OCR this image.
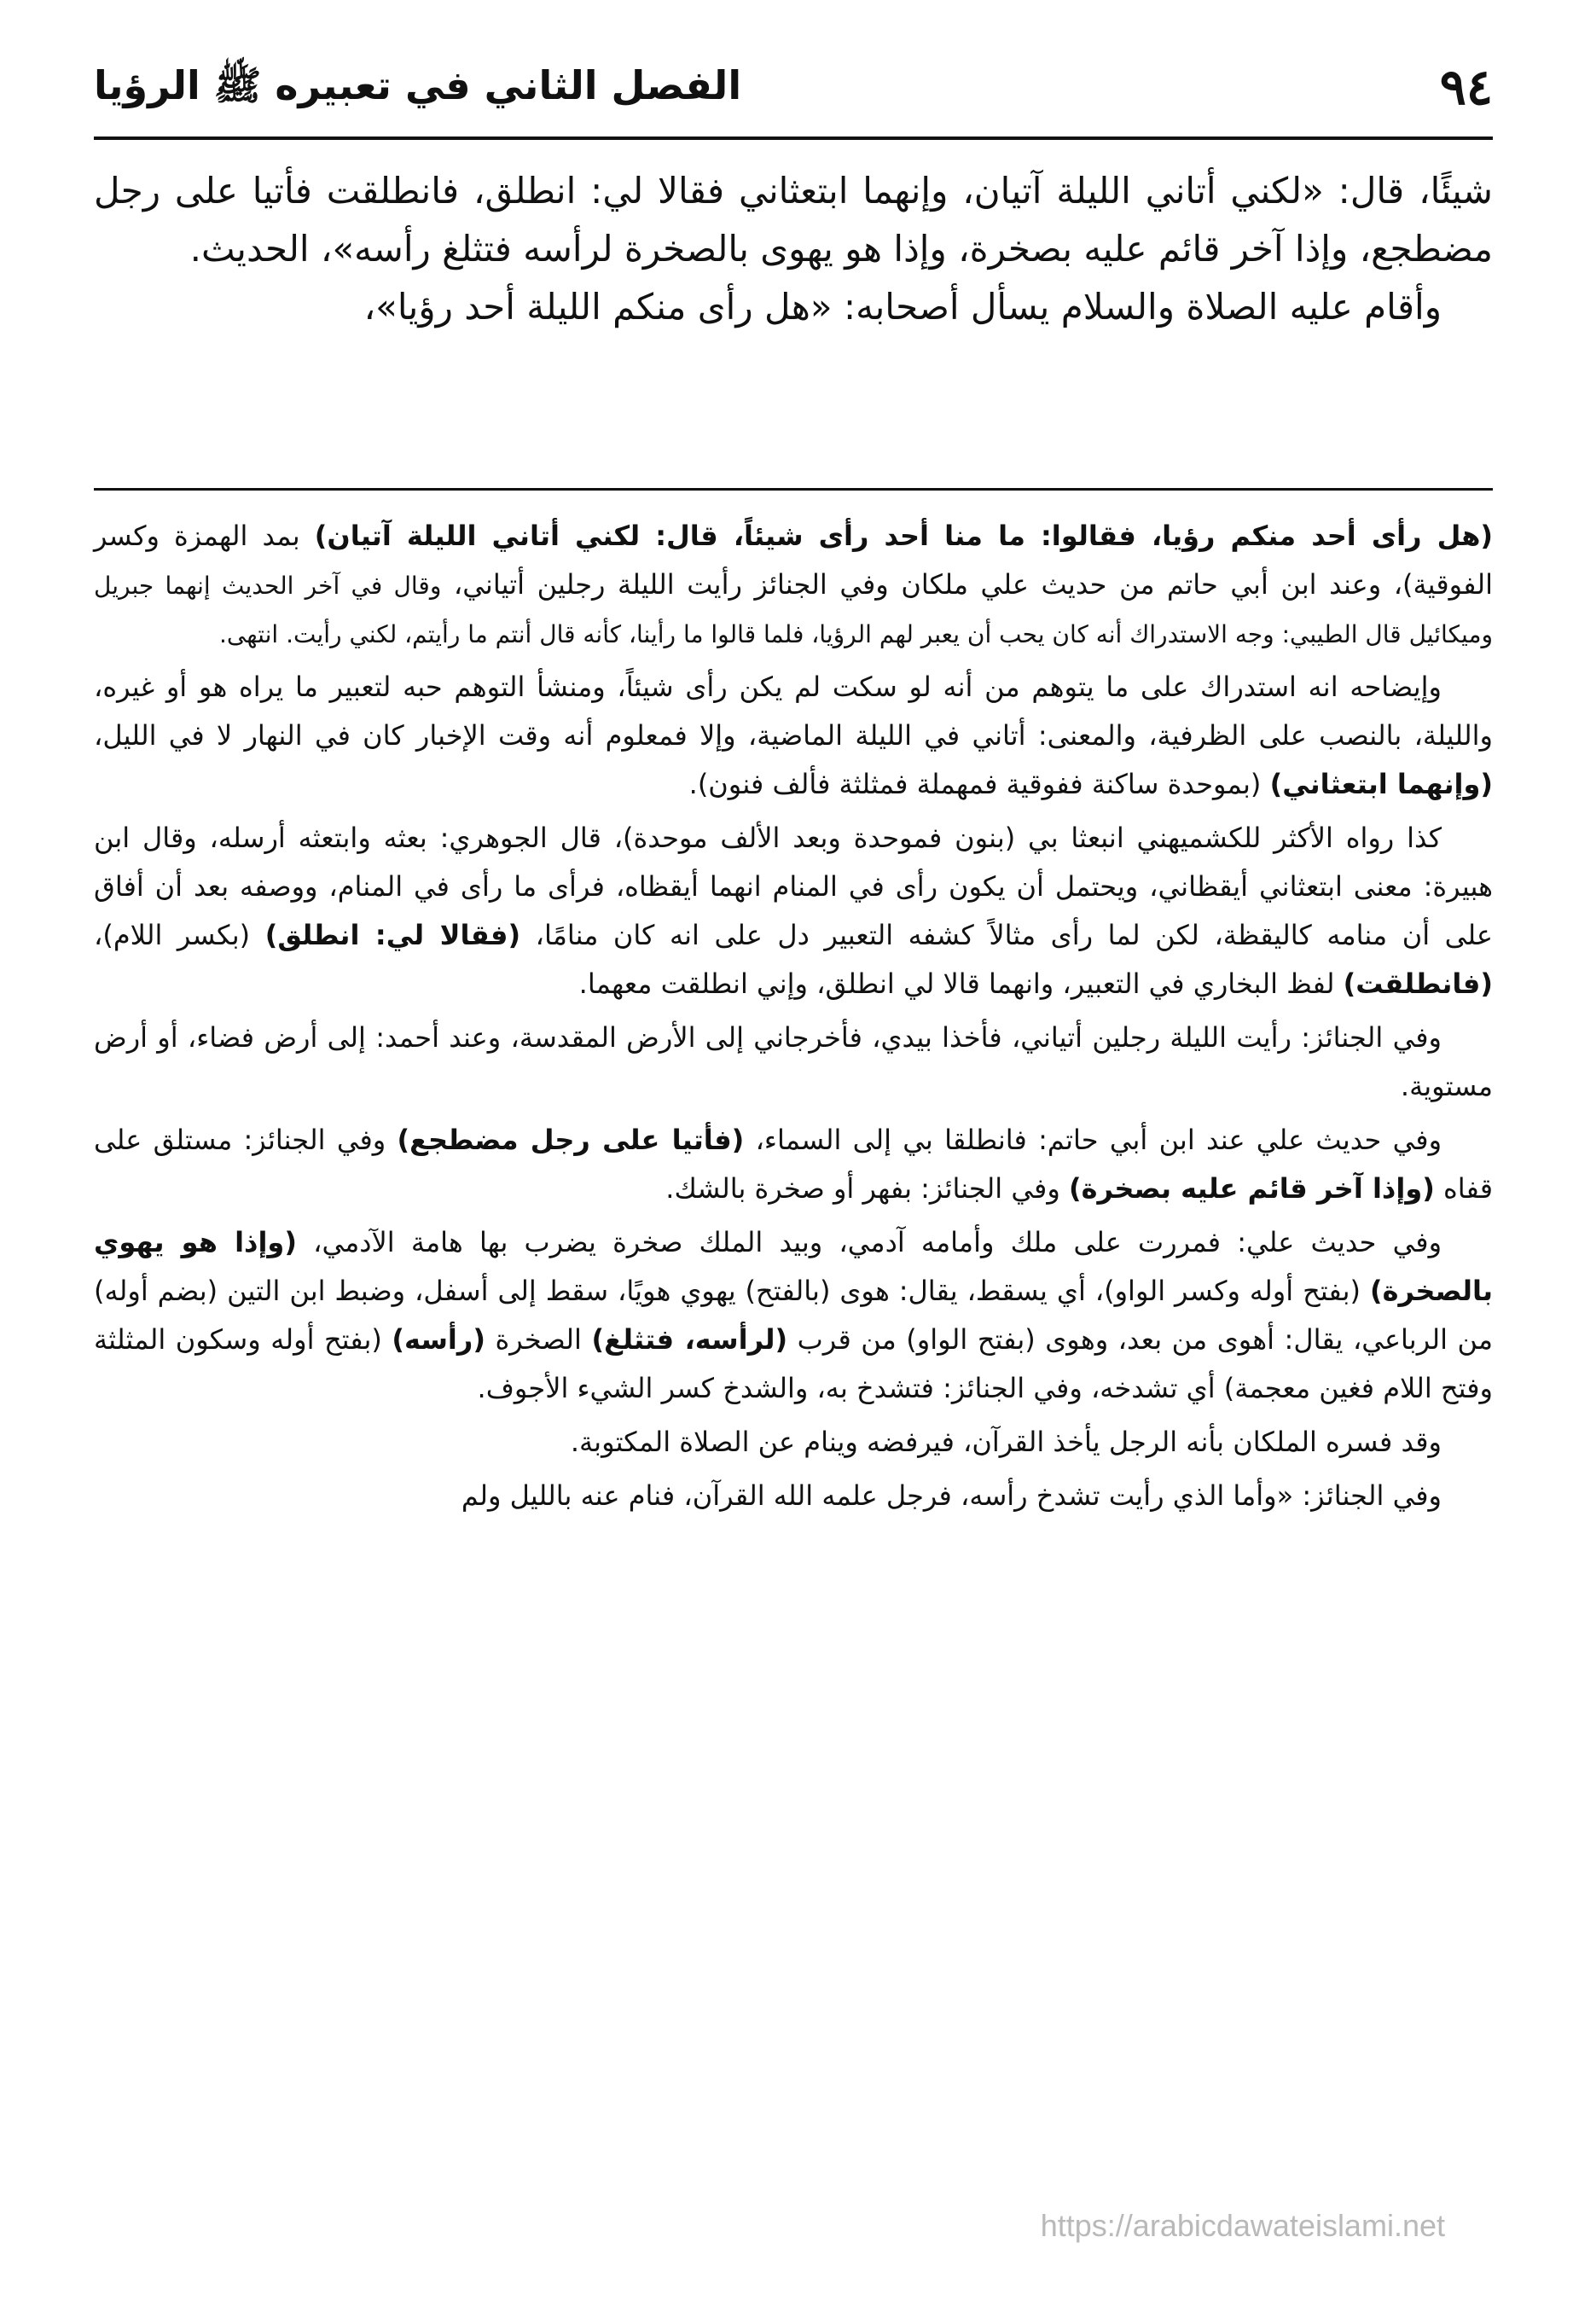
٩٤
الفصل الثاني في تعبيره ﷺ الرؤيا

شيئًا، قال: «لكني أتاني الليلة آتيان، وإنهما ابتعثاني فقالا لي: انطلق، فانطلقت فأتيا على رجل مضطجع، وإذا آخر قائم عليه بصخرة، وإذا هو يهوى بالصخرة لرأسه فتثلغ رأسه»، الحديث.

وأقام عليه الصلاة والسلام يسأل أصحابه: «هل رأى منكم الليلة أحد رؤيا»،

(هل رأى أحد منكم رؤيا، فقالوا: ما منا أحد رأى شيئاً، قال: لكني أتاني الليلة آتيان) بمد الهمزة وكسر الفوقية)، وعند ابن أبي حاتم من حديث علي ملكان وفي الجنائز رأيت الليلة رجلين أتياني، وقال في آخر الحديث إنهما جبريل وميكائيل قال الطيبي: وجه الاستدراك أنه كان يحب أن يعبر لهم الرؤيا، فلما قالوا ما رأينا، كأنه قال أنتم ما رأيتم، لكني رأيت. انتهى.

وإيضاحه انه استدراك على ما يتوهم من أنه لو سكت لم يكن رأى شيئاً، ومنشأ التوهم حبه لتعبير ما يراه هو أو غيره، والليلة، بالنصب على الظرفية، والمعنى: أتاني في الليلة الماضية، وإلا فمعلوم أنه وقت الإخبار كان في النهار لا في الليل، (وإنهما ابتعثاني) (بموحدة ساكنة ففوقية فمهملة فمثلثة فألف فنون).

كذا رواه الأكثر للكشميهني انبعثا بي (بنون فموحدة وبعد الألف موحدة)، قال الجوهري: بعثه وابتعثه أرسله، وقال ابن هبيرة: معنى ابتعثاني أيقظاني، ويحتمل أن يكون رأى في المنام انهما أيقظاه، فرأى ما رأى في المنام، ووصفه بعد أن أفاق على أن منامه كاليقظة، لكن لما رأى مثالاً كشفه التعبير دل على انه كان منامًا، (فقالا لي: انطلق) (بكسر اللام)، (فانطلقت) لفظ البخاري في التعبير، وانهما قالا لي انطلق، وإني انطلقت معهما.

وفي الجنائز: رأيت الليلة رجلين أتياني، فأخذا بيدي، فأخرجاني إلى الأرض المقدسة، وعند أحمد: إلى أرض فضاء، أو أرض مستوية.

وفي حديث علي عند ابن أبي حاتم: فانطلقا بي إلى السماء، (فأتيا على رجل مضطجع) وفي الجنائز: مستلق على قفاه (وإذا آخر قائم عليه بصخرة) وفي الجنائز: بفهر أو صخرة بالشك.

وفي حديث علي: فمررت على ملك وأمامه آدمي، وبيد الملك صخرة يضرب بها هامة الآدمي، (وإذا هو يهوي بالصخرة) (بفتح أوله وكسر الواو)، أي يسقط، يقال: هوى (بالفتح) يهوي هويًا، سقط إلى أسفل، وضبط ابن التين (بضم أوله) من الرباعي، يقال: أهوى من بعد، وهوى (بفتح الواو) من قرب (لرأسه، فتثلغ) الصخرة (رأسه) (بفتح أوله وسكون المثلثة وفتح اللام فغين معجمة) أي تشدخه، وفي الجنائز: فتشدخ به، والشدخ كسر الشيء الأجوف.

وقد فسره الملكان بأنه الرجل يأخذ القرآن، فيرفضه وينام عن الصلاة المكتوبة.

وفي الجنائز: «وأما الذي رأيت تشدخ رأسه، فرجل علمه الله القرآن، فنام عنه بالليل ولم

https://arabicdawateislami.net
